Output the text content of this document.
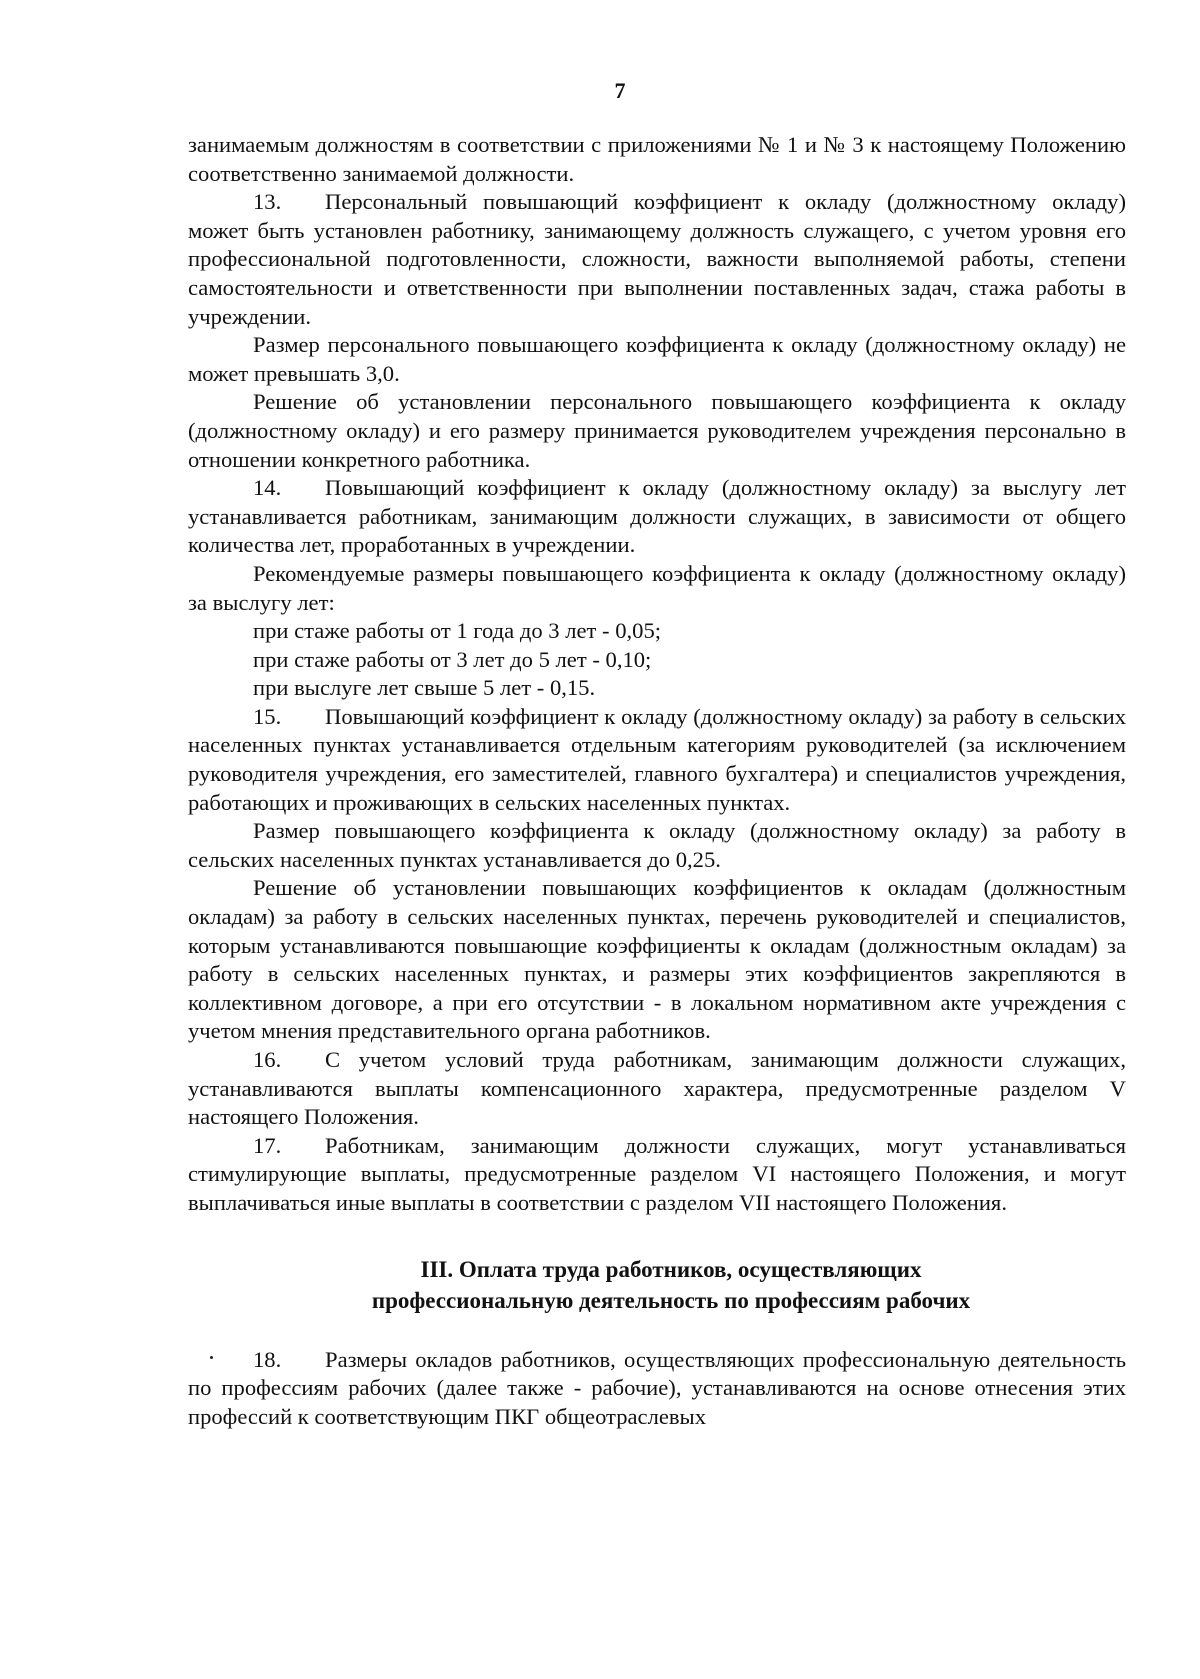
7

занимаемым должностям в соответствии с приложениями № 1 и № 3 к настоящему Положению соответственно занимаемой должности.

13. Персональный повышающий коэффициент к окладу (должностному окладу) может быть установлен работнику, занимающему должность служащего, с учетом уровня его профессиональной подготовленности, сложности, важности выполняемой работы, степени самостоятельности и ответственности при выполнении поставленных задач, стажа работы в учреждении.

Размер персонального повышающего коэффициента к окладу (должностному окладу) не может превышать 3,0.

Решение об установлении персонального повышающего коэффициента к окладу (должностному окладу) и его размеру принимается руководителем учреждения персонально в отношении конкретного работника.

14. Повышающий коэффициент к окладу (должностному окладу) за выслугу лет устанавливается работникам, занимающим должности служащих, в зависимости от общего количества лет, проработанных в учреждении.

Рекомендуемые размеры повышающего коэффициента к окладу (должностному окладу) за выслугу лет:

при стаже работы от 1 года до 3 лет - 0,05;

при стаже работы от 3 лет до 5 лет - 0,10;

при выслуге лет свыше 5 лет - 0,15.

15. Повышающий коэффициент к окладу (должностному окладу) за работу в сельских населенных пунктах устанавливается отдельным категориям руководителей (за исключением руководителя учреждения, его заместителей, главного бухгалтера) и специалистов учреждения, работающих и проживающих в сельских населенных пунктах.

Размер повышающего коэффициента к окладу (должностному окладу) за работу в сельских населенных пунктах устанавливается до 0,25.

Решение об установлении повышающих коэффициентов к окладам (должностным окладам) за работу в сельских населенных пунктах, перечень руководителей и специалистов, которым устанавливаются повышающие коэффициенты к окладам (должностным окладам) за работу в сельских населенных пунктах, и размеры этих коэффициентов закрепляются в коллективном договоре, а при его отсутствии - в локальном нормативном акте учреждения с учетом мнения представительного органа работников.

16. С учетом условий труда работникам, занимающим должности служащих, устанавливаются выплаты компенсационного характера, предусмотренные разделом V настоящего Положения.

17. Работникам, занимающим должности служащих, могут устанавливаться стимулирующие выплаты, предусмотренные разделом VI настоящего Положения, и могут выплачиваться иные выплаты в соответствии с разделом VII настоящего Положения.

III. Оплата труда работников, осуществляющих
профессиональную деятельность по профессиям рабочих

18. Размеры окладов работников, осуществляющих профессиональную деятельность по профессиям рабочих (далее также - рабочие), устанавливаются на основе отнесения этих профессий к соответствующим ПКГ общеотраслевых
